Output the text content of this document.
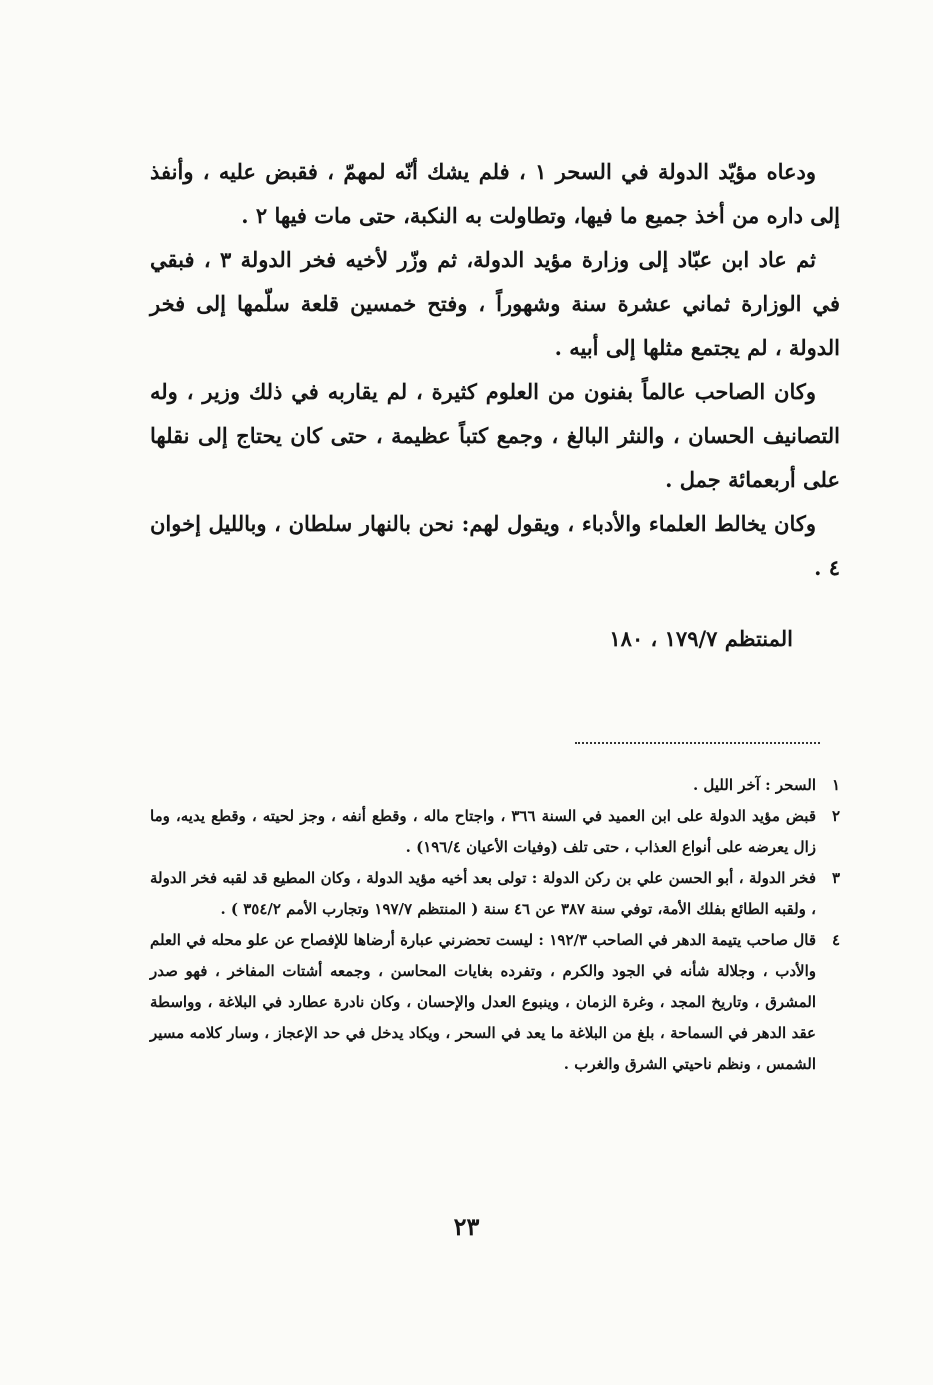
ودعاه مؤيّد الدولة في السحر ١ ، فلم يشك أنّه لمهمّ ، فقبض عليه ، وأنفذ إلى داره من أخذ جميع ما فيها، وتطاولت به النكبة، حتى مات فيها ٢ .

ثم عاد ابن عبّاد إلى وزارة مؤيد الدولة، ثم وزّر لأخيه فخر الدولة ٣ ، فبقي في الوزارة ثماني عشرة سنة وشهوراً ، وفتح خمسين قلعة سلّمها إلى فخر الدولة ، لم يجتمع مثلها إلى أبيه .

وكان الصاحب عالماً بفنون من العلوم كثيرة ، لم يقاربه في ذلك وزير ، وله التصانيف الحسان ، والنثر البالغ ، وجمع كتباً عظيمة ، حتى كان يحتاج إلى نقلها على أربعمائة جمل .

وكان يخالط العلماء والأدباء ، ويقول لهم: نحن بالنهار سلطان ، وبالليل إخوان ٤ .

المنتظم ١٧٩/٧ ، ١٨٠
١
السحر : آخر الليل .
٢
قبض مؤيد الدولة على ابن العميد في السنة ٣٦٦ ، واجتاح ماله ، وقطع أنفه ، وجز لحيته ، وقطع يديه، وما زال يعرضه على أنواع العذاب ، حتى تلف (وفيات الأعيان ١٩٦/٤) .
٣
فخر الدولة ، أبو الحسن علي بن ركن الدولة : تولى بعد أخيه مؤيد الدولة ، وكان المطيع قد لقبه فخر الدولة ، ولقبه الطائع بفلك الأمة، توفي سنة ٣٨٧ عن ٤٦ سنة ( المنتظم ١٩٧/٧ وتجارب الأمم ٣٥٤/٢ ) .
٤
قال صاحب يتيمة الدهر في الصاحب ١٩٢/٣ : ليست تحضرني عبارة أرضاها للإفصاح عن علو محله في العلم والأدب ، وجلالة شأنه في الجود والكرم ، وتفرده بغايات المحاسن ، وجمعه أشتات المفاخر ، فهو صدر المشرق ، وتاريخ المجد ، وغرة الزمان ، وينبوع العدل والإحسان ، وكان نادرة عطارد في البلاغة ، وواسطة عقد الدهر في السماحة ، بلغ من البلاغة ما يعد في السحر ، ويكاد يدخل في حد الإعجاز ، وسار كلامه مسير الشمس ، ونظم ناحيتي الشرق والغرب .
٢٣
